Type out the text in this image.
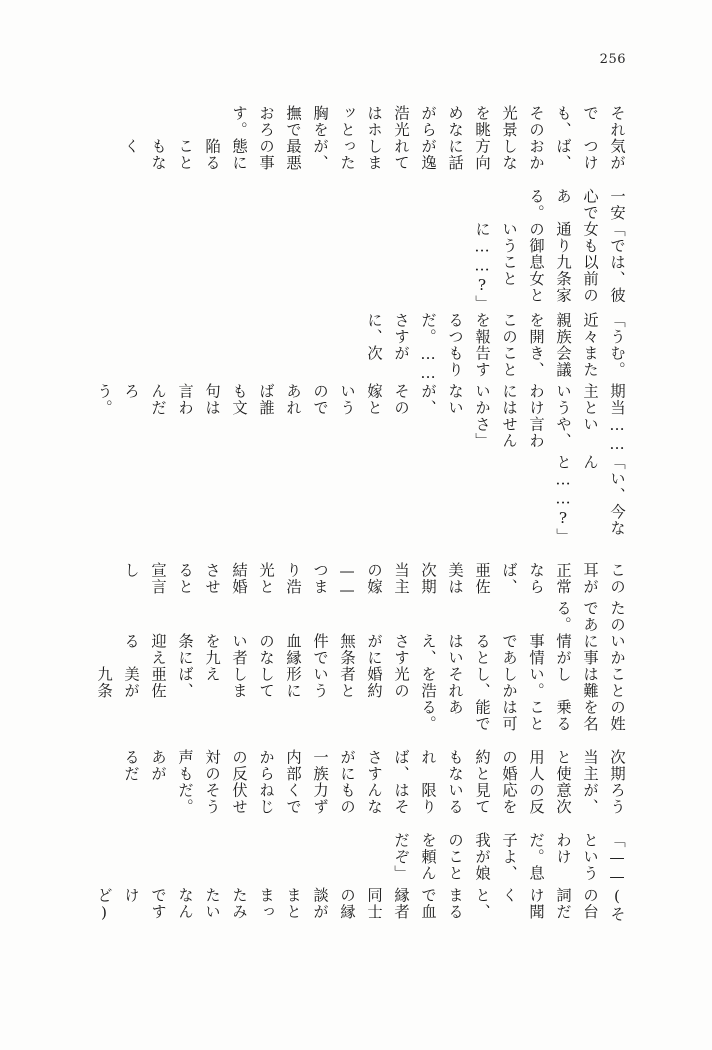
256
それでも、その光景を眺めながら浩光はホッと胸を撫でおろす。
気がつけば、おかしな方向に話が逸れてしまったが、最悪の事態に陥ることもなく
一安心である。
「では、彼女も以前の通り九条家の御息女ということに……?」
「うむ。近々また親族会議を開き、このことを報告するつもりだ。……さすがに、次
期当主というわけにはいかないが、その嫁というのであれば誰も文句は言わんだろう。
……いや、言わせんさ」
「い、今なんと……?」
この耳が正常ならば、亜佐美は次期当主の嫁——つまり浩光と結婚させると宣言し
たのである。
いかに事情が事情であるとはいえ、さすがに無条件で血縁のない者を九条に迎える
ことは難しい。しかし、それを浩光の婚約者という形にしてしまえば、亜佐美が九条
の姓を名乗ることは可能である。
次期当主と使用人の婚約ともなれば、さすがに一族内部からの反対の声もあがるだ
ろうが、意次の反応を見ている限りはそんなもの力ずくでねじ伏せそうだ。
「——というわけだ。息子よ、我が娘のことを頼んだぞ」
(その台詞だけ聞くと、まるで血縁者同士の縁談がまとまったみたいなんですけど)
